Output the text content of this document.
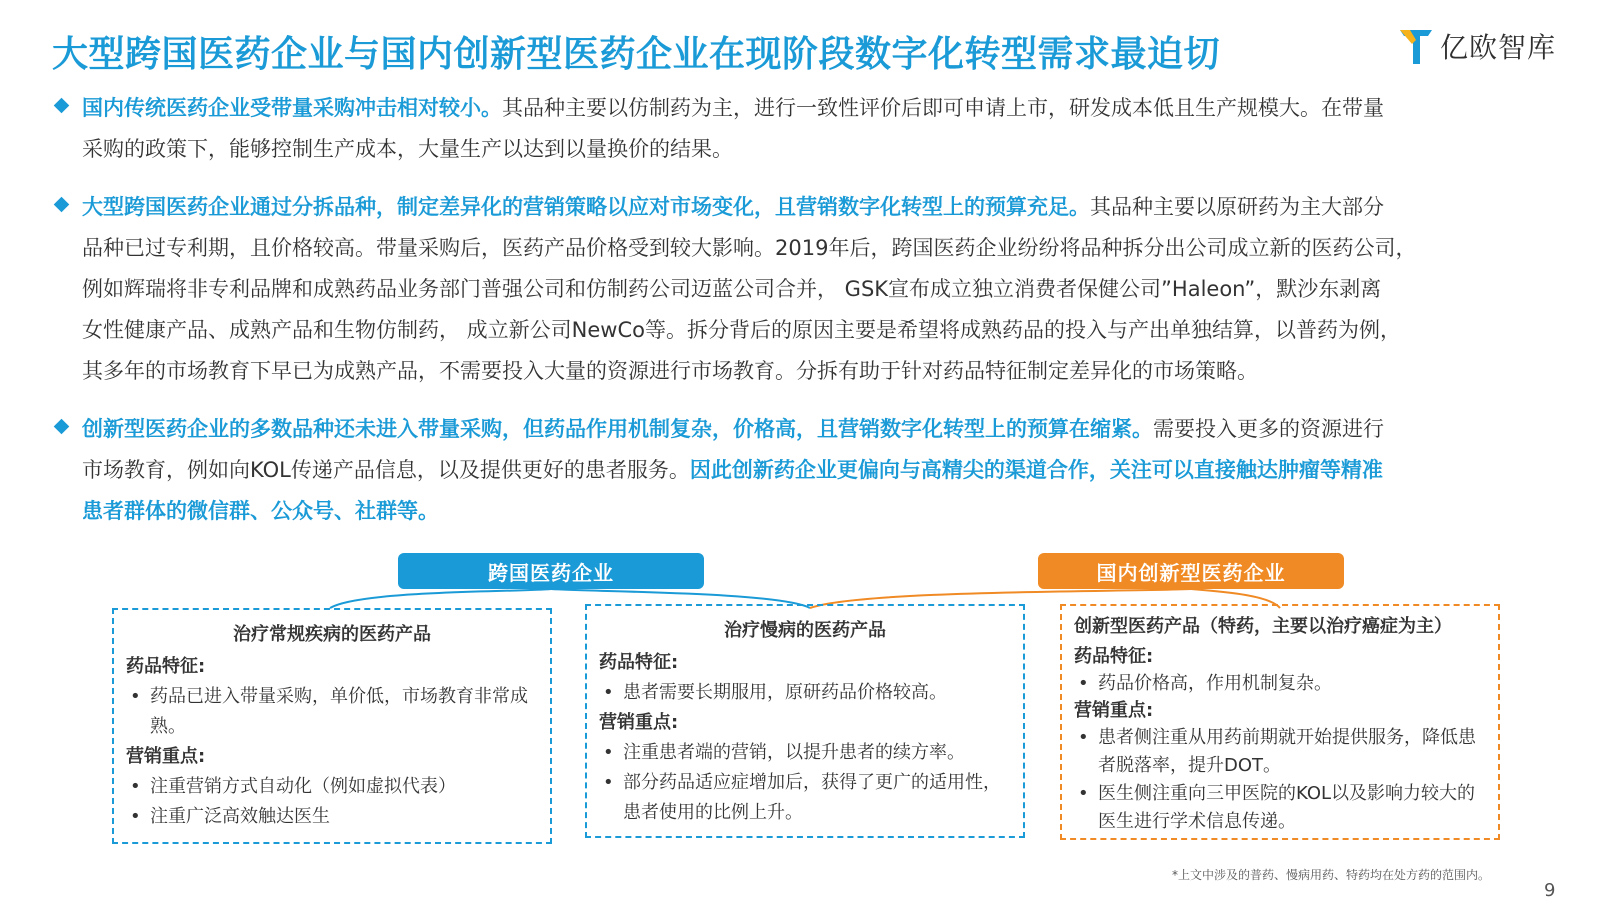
大型跨国医药企业与国内创新型医药企业在现阶段数字化转型需求最迫切	亿欧智库
国内传统医药企业受带量采购冲击相对较小。其品种主要以仿制药为主，进行一致性评价后即可申请上市，研发成本低且生产规模大。在带量
采购的政策下，能够控制生产成本，大量生产以达到以量换价的结果。
大型跨国医药企业通过分拆品种，制定差异化的营销策略以应对市场变化，且营销数字化转型上的预算充足。其品种主要以原研药为主大部分
品种已过专利期，且价格较高。带量采购后，医药产品价格受到较大影响。2019年后，跨国医药企业纷纷将品种拆分出公司成立新的医药公司，
例如辉瑞将非专利品牌和成熟药品业务部门普强公司和仿制药公司迈蓝公司合并， GSK宣布成立独立消费者保健公司”Haleon”，默沙东剥离
女性健康产品、成熟产品和生物仿制药， 成立新公司NewCo等。拆分背后的原因主要是希望将成熟药品的投入与产出单独结算，以普药为例，
其多年的市场教育下早已为成熟产品，不需要投入大量的资源进行市场教育。分拆有助于针对药品特征制定差异化的市场策略。
创新型医药企业的多数品种还未进入带量采购，但药品作用机制复杂，价格高，且营销数字化转型上的预算在缩紧。需要投入更多的资源进行
市场教育，例如向KOL传递产品信息，以及提供更好的患者服务。因此创新药企业更偏向与高精尖的渠道合作，关注可以直接触达肿瘤等精准
患者群体的微信群、公众号、社群等。
跨国医药企业	国内创新型医药企业
治疗常规疾病的医药产品
药品特征:
• 药品已进入带量采购，单价低，市场教育非常成熟。
营销重点:
• 注重营销方式自动化（例如虚拟代表）
• 注重广泛高效触达医生
治疗慢病的医药产品
药品特征:
• 患者需要长期服用，原研药品价格较高。
营销重点:
• 注重患者端的营销，以提升患者的续方率。
• 部分药品适应症增加后，获得了更广的适用性，患者使用的比例上升。
创新型医药产品（特药，主要以治疗癌症为主）
药品特征:
• 药品价格高，作用机制复杂。
营销重点:
• 患者侧注重从用药前期就开始提供服务，降低患者脱落率，提升DOT。
• 医生侧注重向三甲医院的KOL以及影响力较大的医生进行学术信息传递。
*上文中涉及的普药、慢病用药、特药均在处方药的范围内。
9
